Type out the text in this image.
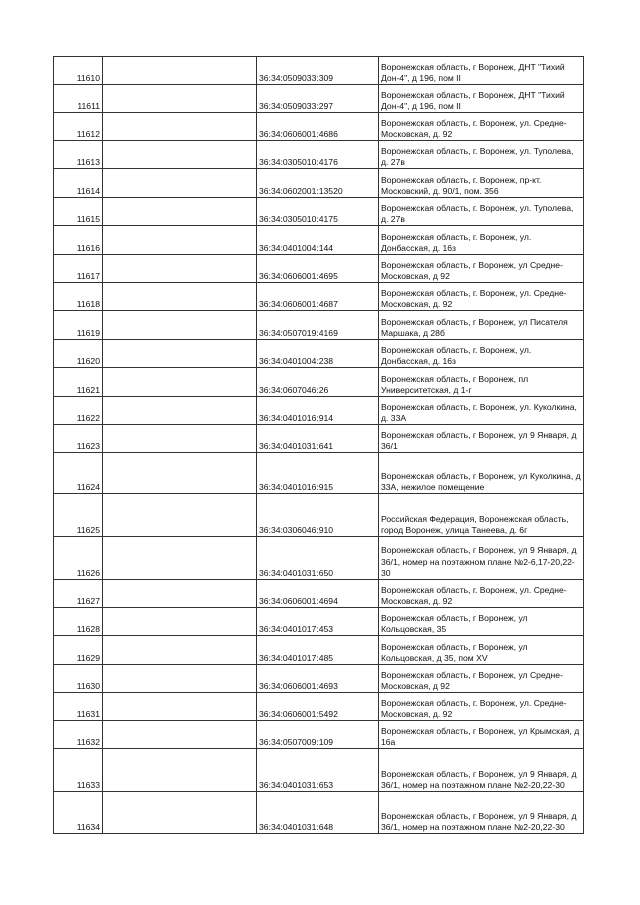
11610		36:34:0509033:309	Воронежская область, г Воронеж, ДНТ "Тихий Дон-4", д 196, пом II
11611		36:34:0509033:297	Воронежская область, г Воронеж, ДНТ "Тихий Дон-4", д 196, пом II
11612		36:34:0606001:4686	Воронежская область, г. Воронеж, ул. Средне-Московская, д. 92
11613		36:34:0305010:4176	Воронежская область, г. Воронеж, ул. Туполева, д. 27в
11614		36:34:0602001:13520	Воронежская область, г. Воронеж, пр-кт. Московский, д. 90/1, пом. 356
11615		36:34:0305010:4175	Воронежская область, г. Воронеж, ул. Туполева, д. 27в
11616		36:34:0401004:144	Воронежская область, г. Воронеж, ул. Донбасская, д. 16з
11617		36:34:0606001:4695	Воронежская область, г Воронеж, ул Средне-Московская, д 92
11618		36:34:0606001:4687	Воронежская область, г. Воронеж, ул. Средне-Московская, д. 92
11619		36:34:0507019:4169	Воронежская область, г Воронеж, ул Писателя Маршака, д 28б
11620		36:34:0401004:238	Воронежская область, г. Воронеж, ул. Донбасская, д. 16з
11621		36:34:0607046:26	Воронежская область, г Воронеж, пл Университетская, д 1-г
11622		36:34:0401016:914	Воронежская область, г. Воронеж, ул. Куколкина, д. 33А
11623		36:34:0401031:641	Воронежская область, г Воронеж, ул 9 Января, д 36/1
11624		36:34:0401016:915	Воронежская область, г Воронеж, ул Куколкина, д 33А, нежилое помещение
11625		36:34:0306046:910	Российская Федерация, Воронежская область, город Воронеж, улица Танеева, д. 6г
11626		36:34:0401031:650	Воронежская область, г Воронеж, ул 9 Января, д 36/1, номер на поэтажном плане №2-6,17-20,22-30
11627		36:34:0606001:4694	Воронежская область, г. Воронеж, ул. Средне-Московская, д. 92
11628		36:34:0401017:453	Воронежская область, г Воронеж, ул Кольцовская, 35
11629		36:34:0401017:485	Воронежская область, г Воронеж, ул Кольцовская, д 35, пом XV
11630		36:34:0606001:4693	Воронежская область, г Воронеж, ул Средне-Московская, д 92
11631		36:34:0606001:5492	Воронежская область, г. Воронеж, ул. Средне-Московская, д. 92
11632		36:34:0507009:109	Воронежская область, г Воронеж, ул Крымская, д 16а
11633		36:34:0401031:653	Воронежская область, г Воронеж, ул 9 Января, д 36/1, номер на поэтажном плане №2-20,22-30
11634		36:34:0401031:648	Воронежская область, г Воронеж, ул 9 Января, д 36/1, номер на поэтажном плане №2-20,22-30
